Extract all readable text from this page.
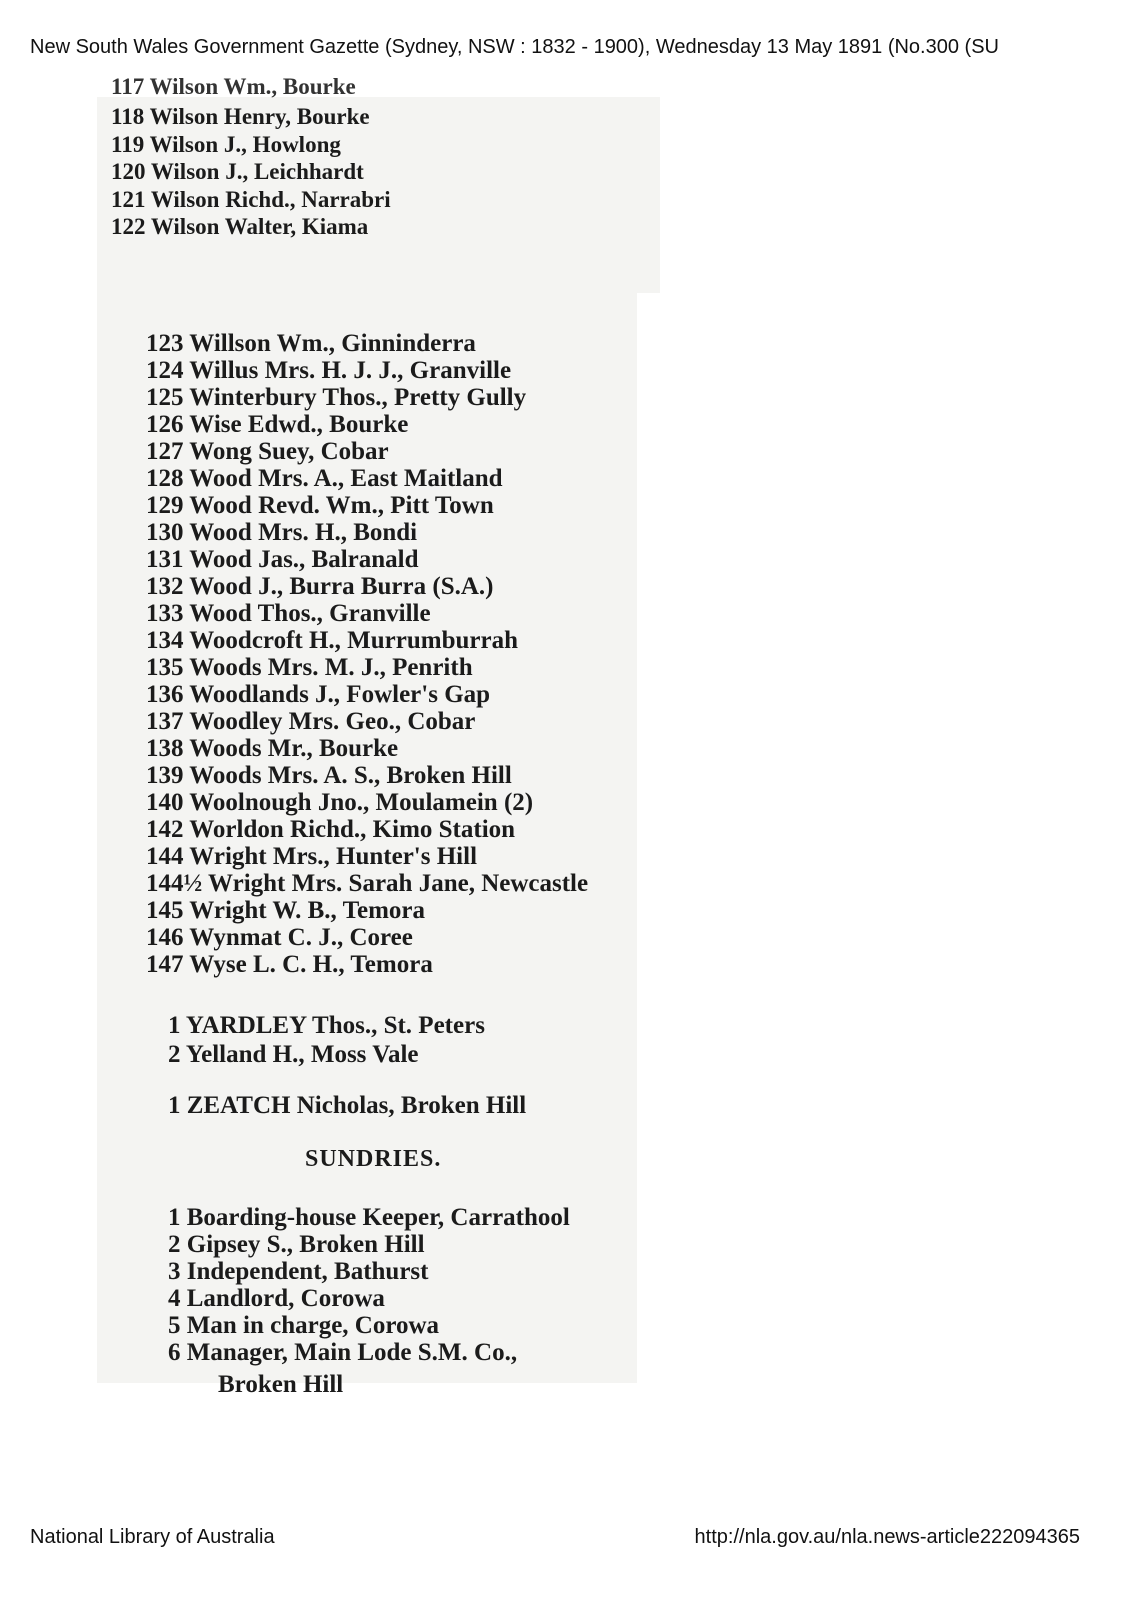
New South Wales Government Gazette (Sydney, NSW : 1832 - 1900), Wednesday 13 May 1891 (No.300 (SU
117 Wilson Wm., Bourke
118 Wilson Henry, Bourke
119 Wilson J., Howlong
120 Wilson J., Leichhardt
121 Wilson Richd., Narrabri
122 Wilson Walter, Kiama
123 Willson Wm., Ginninderra
124 Willus Mrs. H. J. J., Granville
125 Winterbury Thos., Pretty Gully
126 Wise Edwd., Bourke
127 Wong Suey, Cobar
128 Wood Mrs. A., East Maitland
129 Wood Revd. Wm., Pitt Town
130 Wood Mrs. H., Bondi
131 Wood Jas., Balranald
132 Wood J., Burra Burra (S.A.)
133 Wood Thos., Granville
134 Woodcroft H., Murrumburrah
135 Woods Mrs. M. J., Penrith
136 Woodlands J., Fowler's Gap
137 Woodley Mrs. Geo., Cobar
138 Woods Mr., Bourke
139 Woods Mrs. A. S., Broken Hill
140 Woolnough Jno., Moulamein (2)
142 Worldon Richd., Kimo Station
144 Wright Mrs., Hunter's Hill
144½ Wright Mrs. Sarah Jane, Newcastle
145 Wright W. B., Temora
146 Wynmat C. J., Coree
147 Wyse L. C. H., Temora
1 YARDLEY Thos., St. Peters
2 Yelland H., Moss Vale
1 ZEATCH Nicholas, Broken Hill
SUNDRIES.
1 Boarding-house Keeper, Carrathool
2 Gipsey S., Broken Hill
3 Independent, Bathurst
4 Landlord, Corowa
5 Man in charge, Corowa
6 Manager, Main Lode S.M. Co.,
Broken Hill
National Library of Australia	http://nla.gov.au/nla.news-article222094365
